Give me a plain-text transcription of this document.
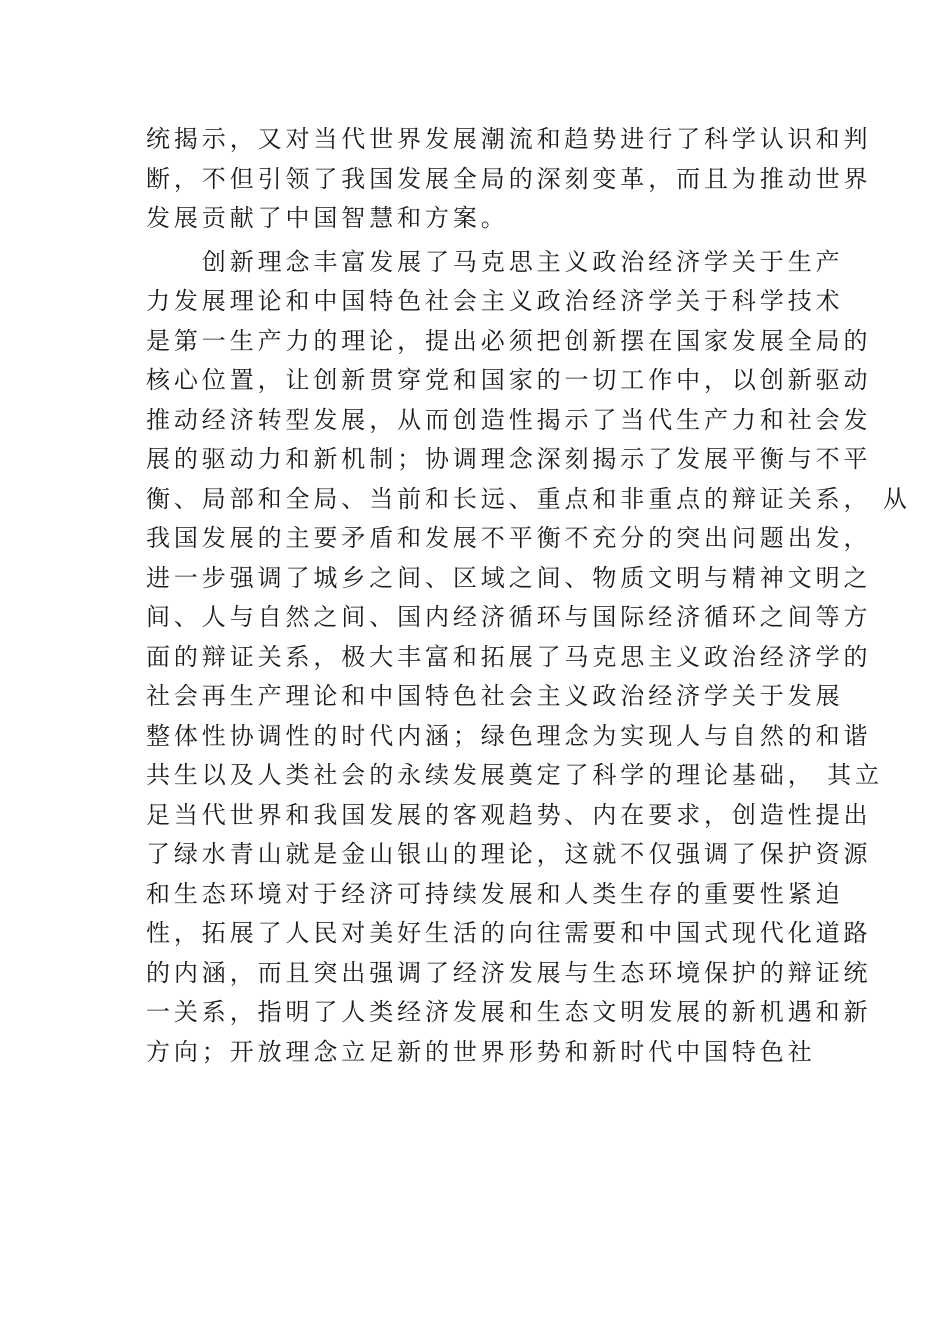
统揭示，又对当代世界发展潮流和趋势进行了科学认识和判
断，不但引领了我国发展全局的深刻变革，而且为推动世界
发展贡献了中国智慧和方案。
　　创新理念丰富发展了马克思主义政治经济学关于生产
力发展理论和中国特色社会主义政治经济学关于科学技术
是第一生产力的理论，提出必须把创新摆在国家发展全局的
核心位置，让创新贯穿党和国家的一切工作中，以创新驱动
推动经济转型发展，从而创造性揭示了当代生产力和社会发
展的驱动力和新机制；协调理念深刻揭示了发展平衡与不平
衡、局部和全局、当前和长远、重点和非重点的辩证关系， 从
我国发展的主要矛盾和发展不平衡不充分的突出问题出发，
进一步强调了城乡之间、区域之间、物质文明与精神文明之
间、人与自然之间、国内经济循环与国际经济循环之间等方
面的辩证关系，极大丰富和拓展了马克思主义政治经济学的
社会再生产理论和中国特色社会主义政治经济学关于发展
整体性协调性的时代内涵；绿色理念为实现人与自然的和谐
共生以及人类社会的永续发展奠定了科学的理论基础， 其立
足当代世界和我国发展的客观趋势、内在要求，创造性提出
了绿水青山就是金山银山的理论，这就不仅强调了保护资源
和生态环境对于经济可持续发展和人类生存的重要性紧迫
性，拓展了人民对美好生活的向往需要和中国式现代化道路
的内涵，而且突出强调了经济发展与生态环境保护的辩证统
一关系，指明了人类经济发展和生态文明发展的新机遇和新
方向；开放理念立足新的世界形势和新时代中国特色社
